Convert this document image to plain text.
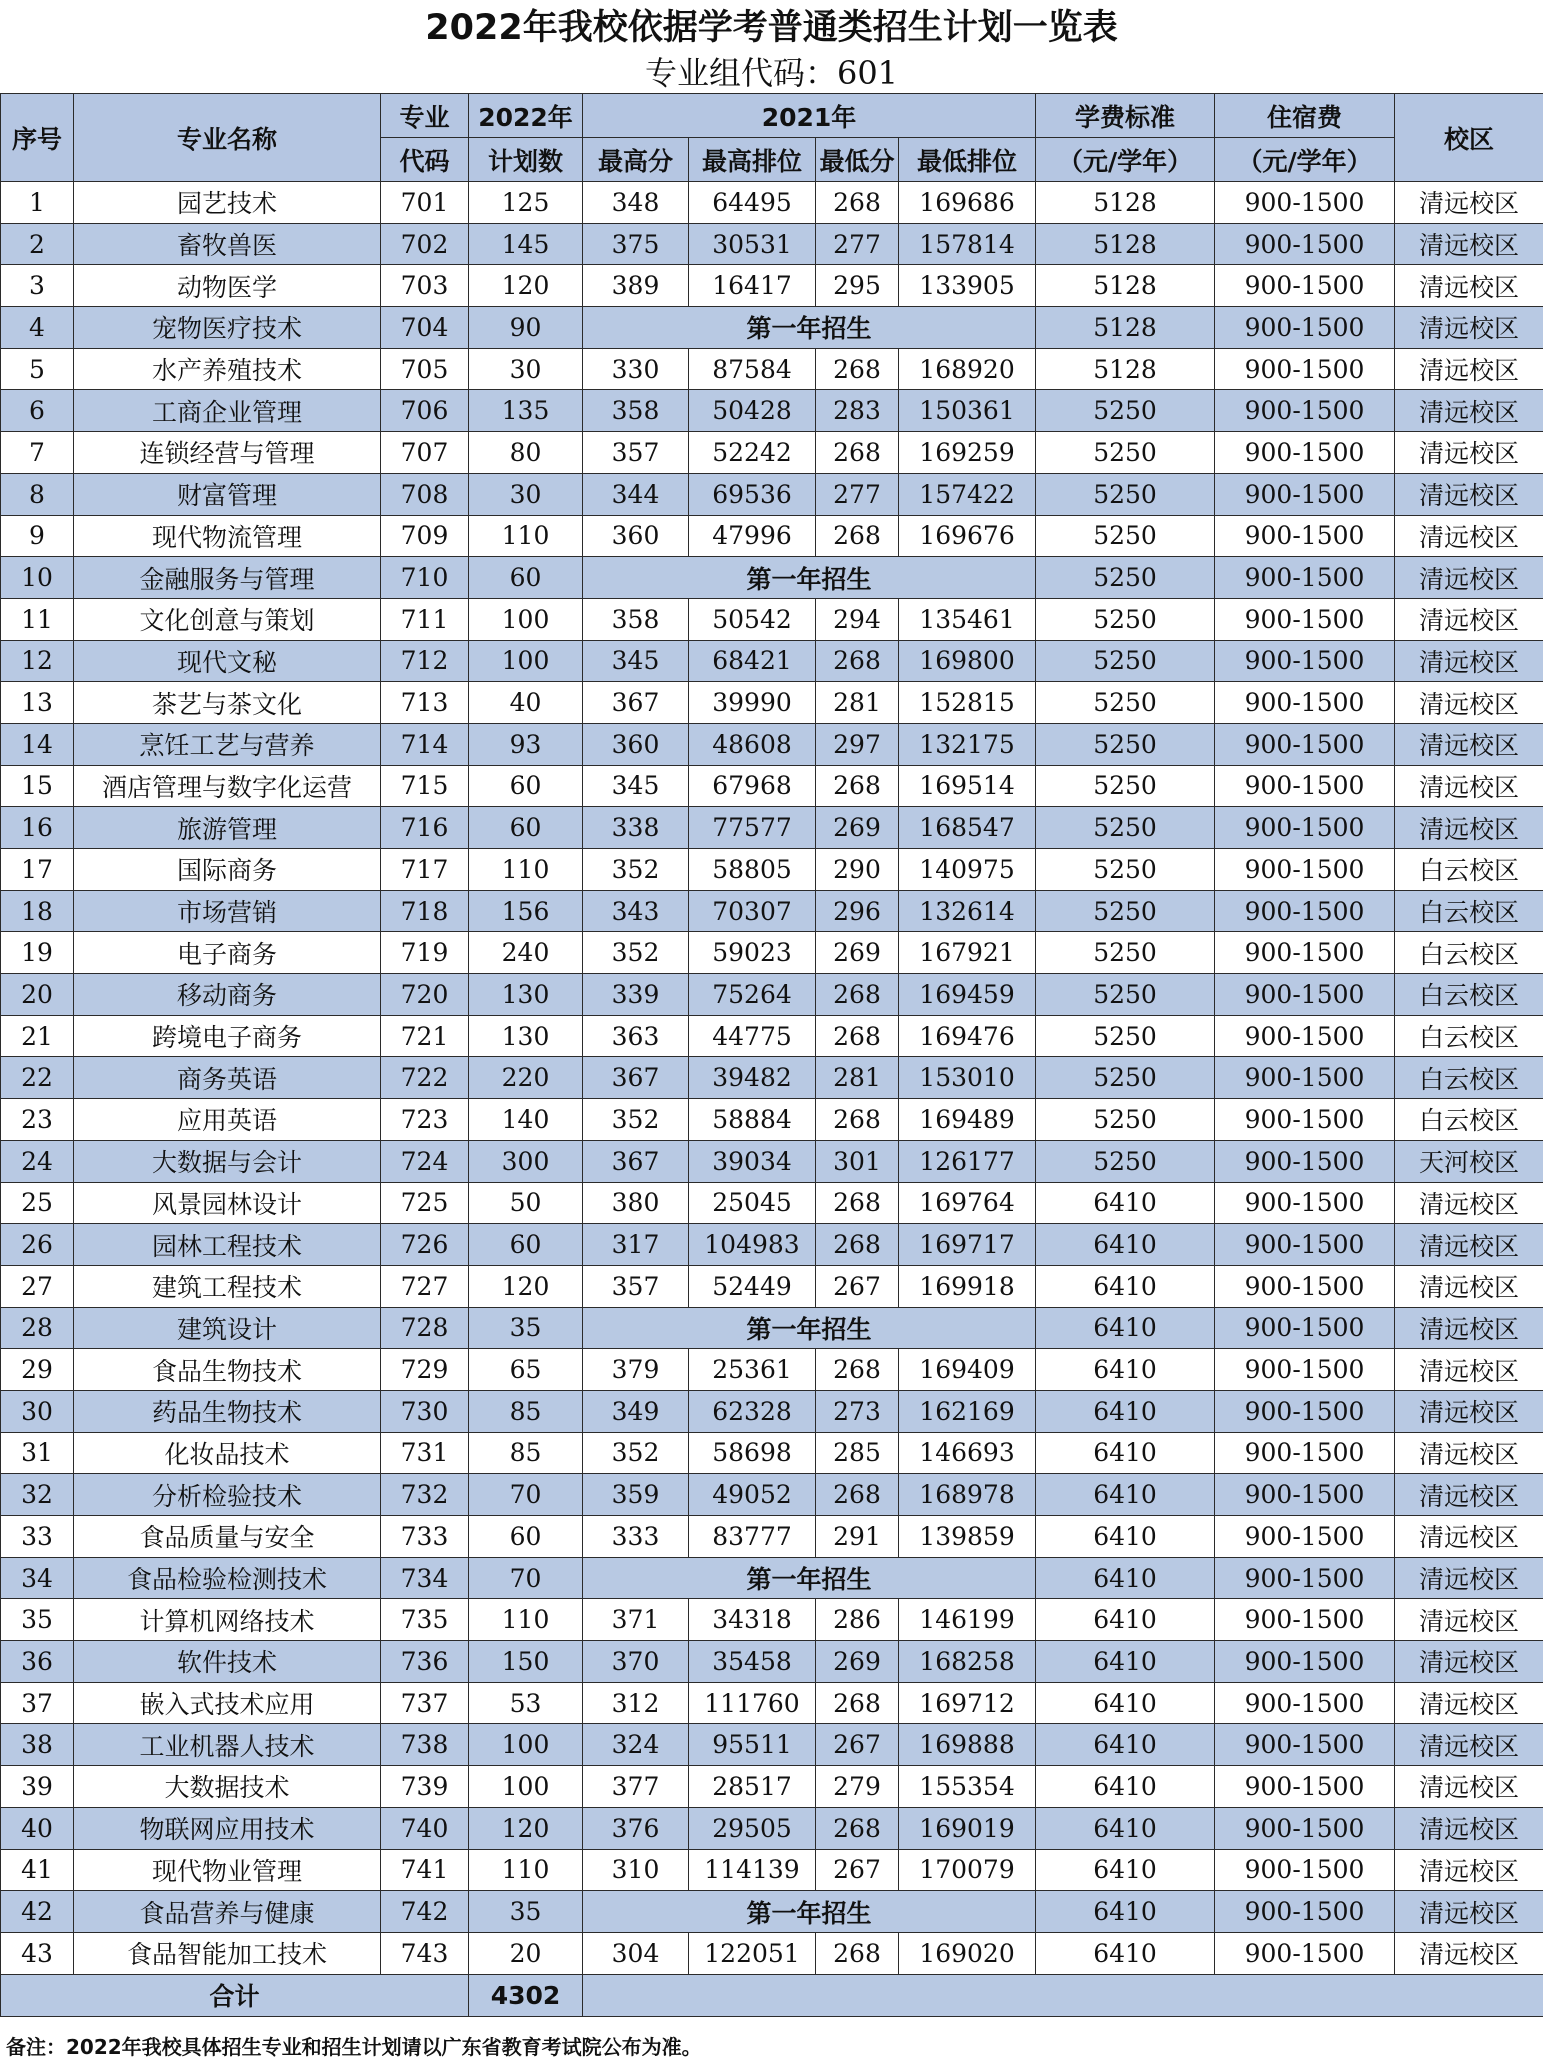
2022年我校依据学考普通类招生计划一览表
专业组代码：601
序号	专业名称	专业	2022年	2021年				学费标准	住宿费	校区
		代码	计划数	最高分	最高排位	最低分	最低排位	（元/学年）	（元/学年）	
1	园艺技术	701	125	348	64495	268	169686	5128	900-1500	清远校区
2	畜牧兽医	702	145	375	30531	277	157814	5128	900-1500	清远校区
3	动物医学	703	120	389	16417	295	133905	5128	900-1500	清远校区
4	宠物医疗技术	704	90	第一年招生				5128	900-1500	清远校区
5	水产养殖技术	705	30	330	87584	268	168920	5128	900-1500	清远校区
6	工商企业管理	706	135	358	50428	283	150361	5250	900-1500	清远校区
7	连锁经营与管理	707	80	357	52242	268	169259	5250	900-1500	清远校区
8	财富管理	708	30	344	69536	277	157422	5250	900-1500	清远校区
9	现代物流管理	709	110	360	47996	268	169676	5250	900-1500	清远校区
10	金融服务与管理	710	60	第一年招生				5250	900-1500	清远校区
11	文化创意与策划	711	100	358	50542	294	135461	5250	900-1500	清远校区
12	现代文秘	712	100	345	68421	268	169800	5250	900-1500	清远校区
13	茶艺与茶文化	713	40	367	39990	281	152815	5250	900-1500	清远校区
14	烹饪工艺与营养	714	93	360	48608	297	132175	5250	900-1500	清远校区
15	酒店管理与数字化运营	715	60	345	67968	268	169514	5250	900-1500	清远校区
16	旅游管理	716	60	338	77577	269	168547	5250	900-1500	清远校区
17	国际商务	717	110	352	58805	290	140975	5250	900-1500	白云校区
18	市场营销	718	156	343	70307	296	132614	5250	900-1500	白云校区
19	电子商务	719	240	352	59023	269	167921	5250	900-1500	白云校区
20	移动商务	720	130	339	75264	268	169459	5250	900-1500	白云校区
21	跨境电子商务	721	130	363	44775	268	169476	5250	900-1500	白云校区
22	商务英语	722	220	367	39482	281	153010	5250	900-1500	白云校区
23	应用英语	723	140	352	58884	268	169489	5250	900-1500	白云校区
24	大数据与会计	724	300	367	39034	301	126177	5250	900-1500	天河校区
25	风景园林设计	725	50	380	25045	268	169764	6410	900-1500	清远校区
26	园林工程技术	726	60	317	104983	268	169717	6410	900-1500	清远校区
27	建筑工程技术	727	120	357	52449	267	169918	6410	900-1500	清远校区
28	建筑设计	728	35	第一年招生				6410	900-1500	清远校区
29	食品生物技术	729	65	379	25361	268	169409	6410	900-1500	清远校区
30	药品生物技术	730	85	349	62328	273	162169	6410	900-1500	清远校区
31	化妆品技术	731	85	352	58698	285	146693	6410	900-1500	清远校区
32	分析检验技术	732	70	359	49052	268	168978	6410	900-1500	清远校区
33	食品质量与安全	733	60	333	83777	291	139859	6410	900-1500	清远校区
34	食品检验检测技术	734	70	第一年招生				6410	900-1500	清远校区
35	计算机网络技术	735	110	371	34318	286	146199	6410	900-1500	清远校区
36	软件技术	736	150	370	35458	269	168258	6410	900-1500	清远校区
37	嵌入式技术应用	737	53	312	111760	268	169712	6410	900-1500	清远校区
38	工业机器人技术	738	100	324	95511	267	169888	6410	900-1500	清远校区
39	大数据技术	739	100	377	28517	279	155354	6410	900-1500	清远校区
40	物联网应用技术	740	120	376	29505	268	169019	6410	900-1500	清远校区
41	现代物业管理	741	110	310	114139	267	170079	6410	900-1500	清远校区
42	食品营养与健康	742	35	第一年招生				6410	900-1500	清远校区
43	食品智能加工技术	743	20	304	122051	268	169020	6410	900-1500	清远校区
合计			4302							
备注：2022年我校具体招生专业和招生计划请以广东省教育考试院公布为准。
